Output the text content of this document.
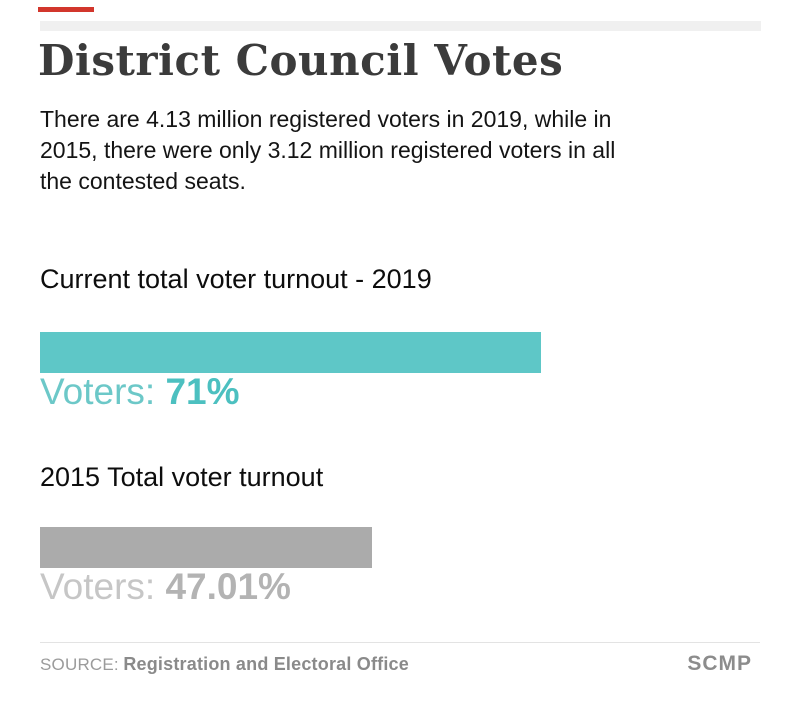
District Council Votes
There are 4.13 million registered voters in 2019, while in
2015, there were only 3.12 million registered voters in all
the contested seats.
Current total voter turnout - 2019
Voters: 71%
2015 Total voter turnout
Voters: 47.01%
SOURCE: Registration and Electoral Office	SCMP
